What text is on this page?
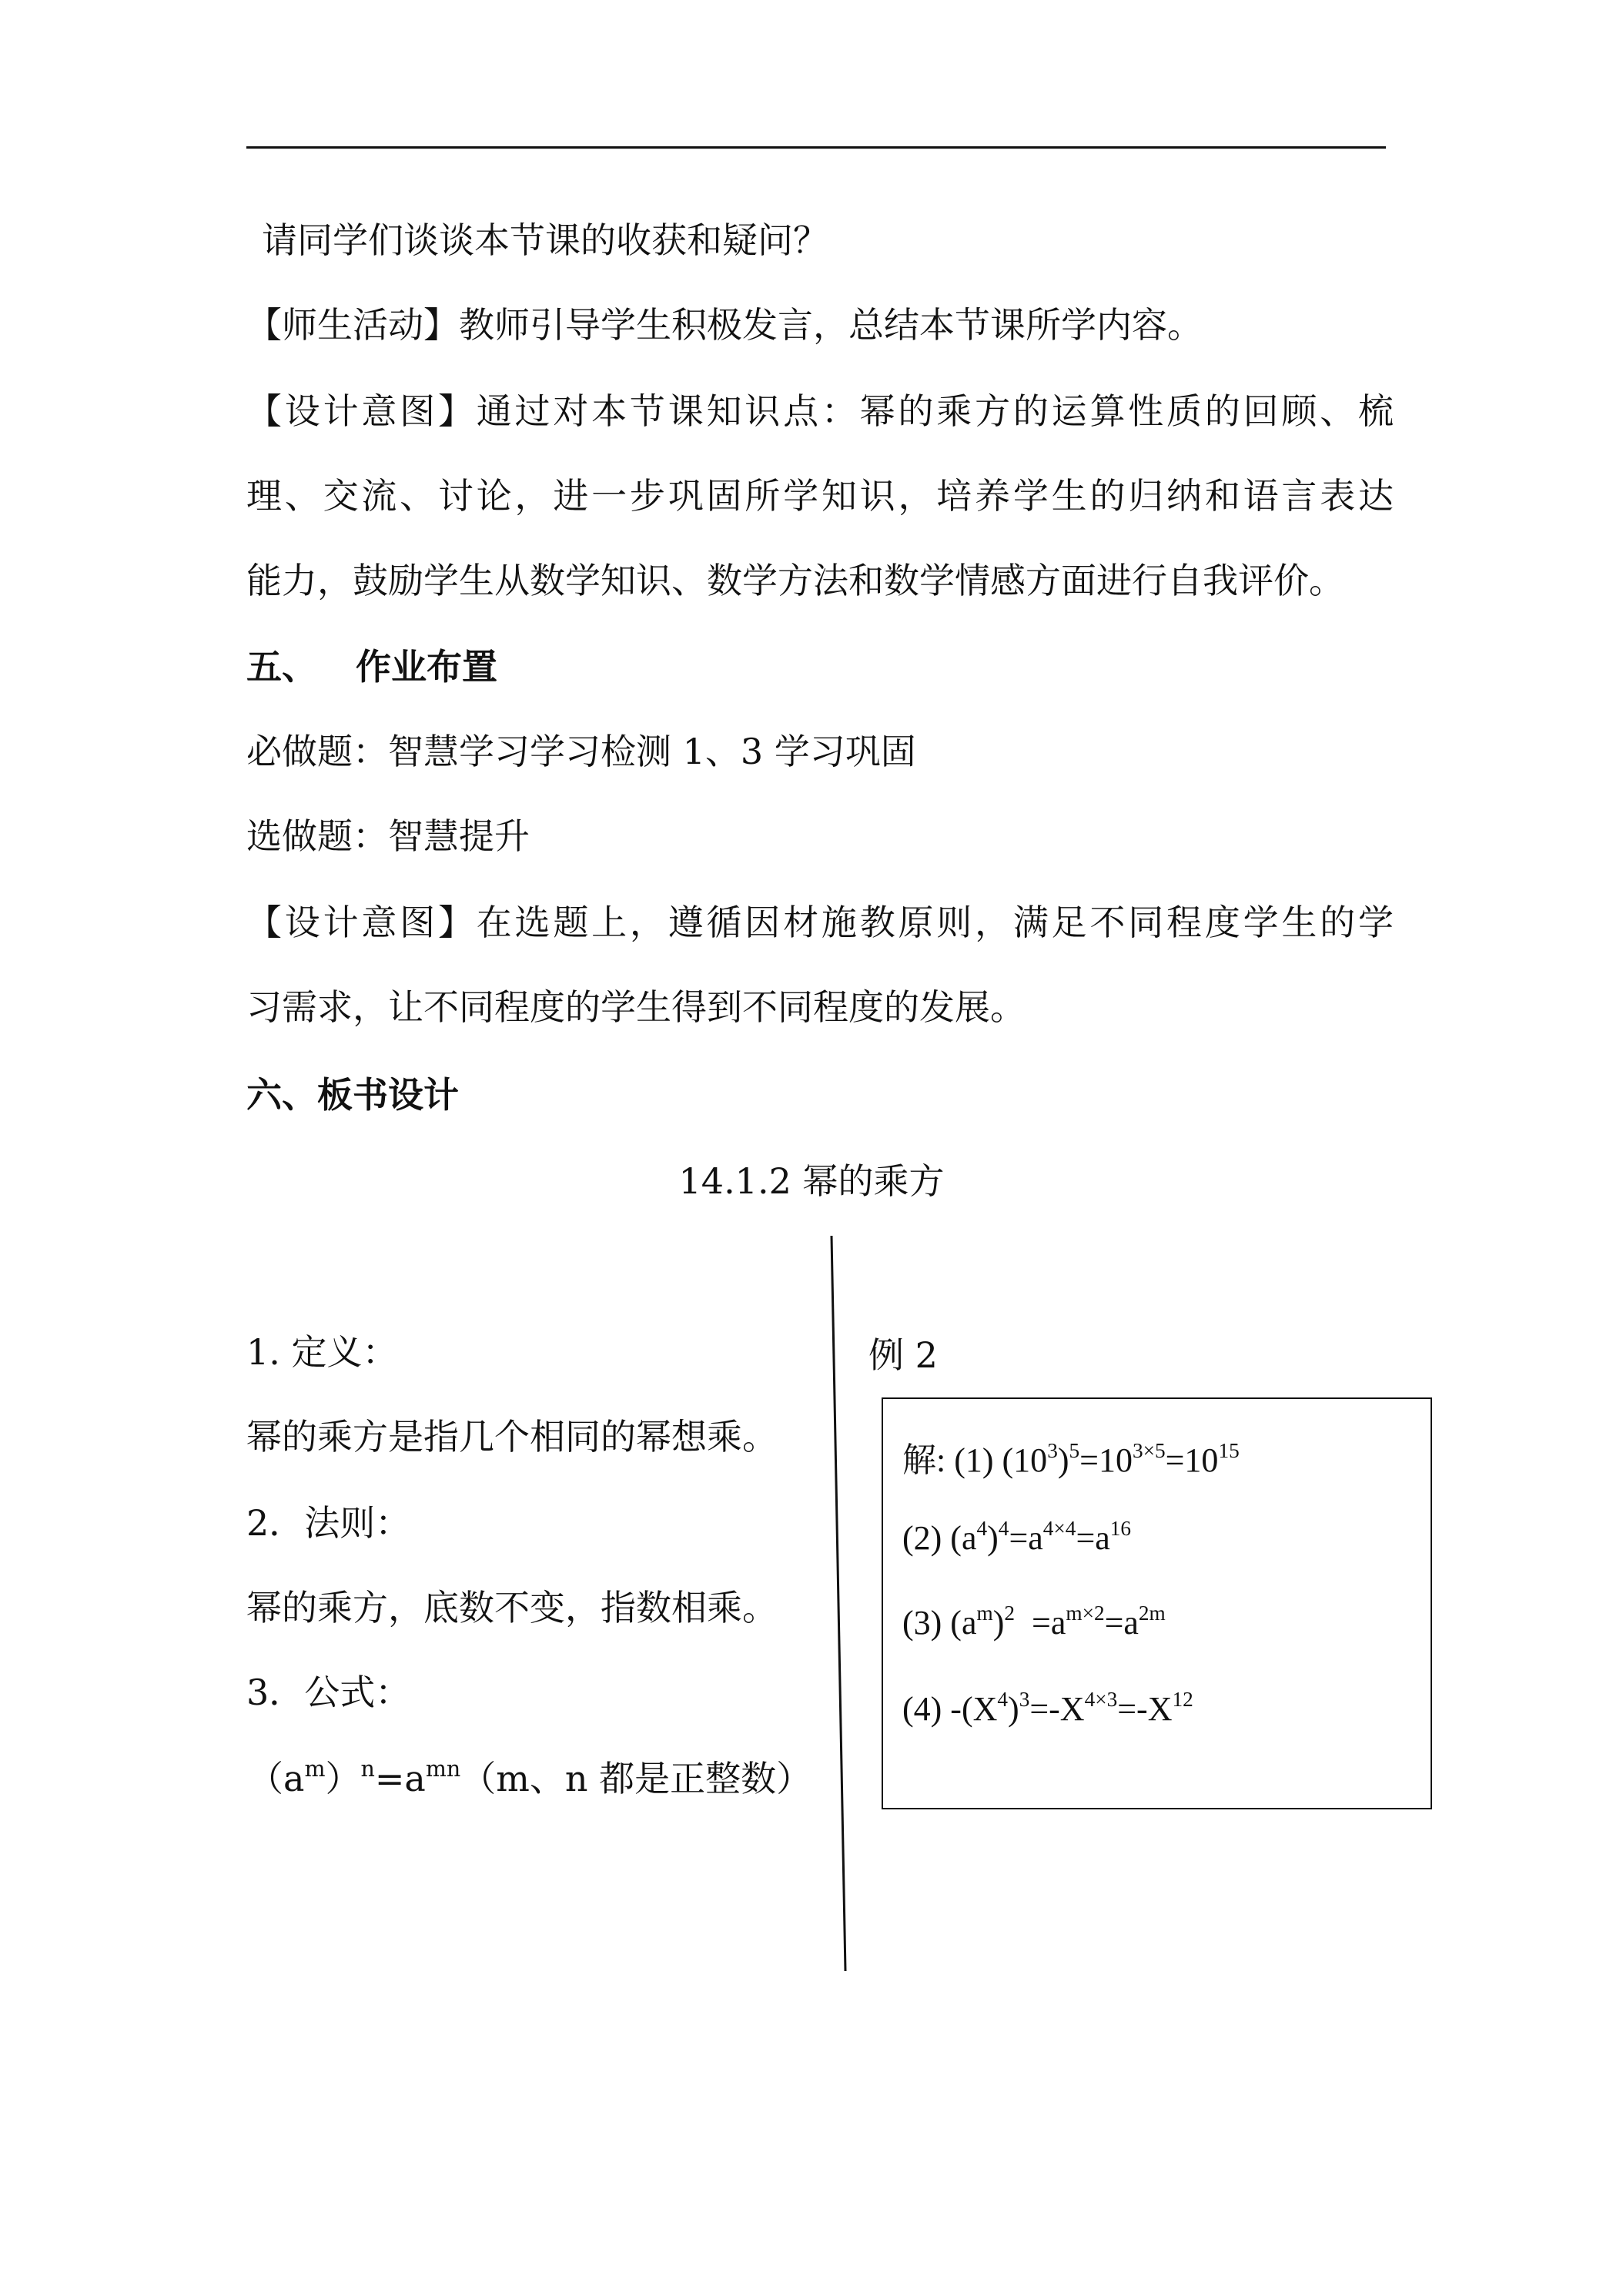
请同学们谈谈本节课的收获和疑问？
【师生活动】教师引导学生积极发言，总结本节课所学内容。
【设计意图】通过对本节课知识点：幂的乘方的运算性质的回顾、梳
理、交流、讨论，进一步巩固所学知识，培养学生的归纳和语言表达
能力，鼓励学生从数学知识、数学方法和数学情感方面进行自我评价。
五、 作业布置
必做题：智慧学习学习检测 1、3 学习巩固
选做题：智慧提升
【设计意图】在选题上，遵循因材施教原则，满足不同程度学生的学
习需求，让不同程度的学生得到不同程度的发展。
六、板书设计
14.1.2 幂的乘方
1. 定义：
幂的乘方是指几个相同的幂想乘。
2．法则：
幂的乘方，底数不变，指数相乘。
3．公式：
$(a^m)^n=a^{mn}(m$、n 都是正整数）
例 2
解: (1) $(10^3)^5=10^{3\times 5}=10^{15}$
(2) $(a^4)^4=a^{4\times 4}=a^{16}$
(3) $(a^m)^2 =a^{m\times 2}=a^{2m}$
(4) $-(X^4)^3=-X^{4\times 3}=-X^{12}$
